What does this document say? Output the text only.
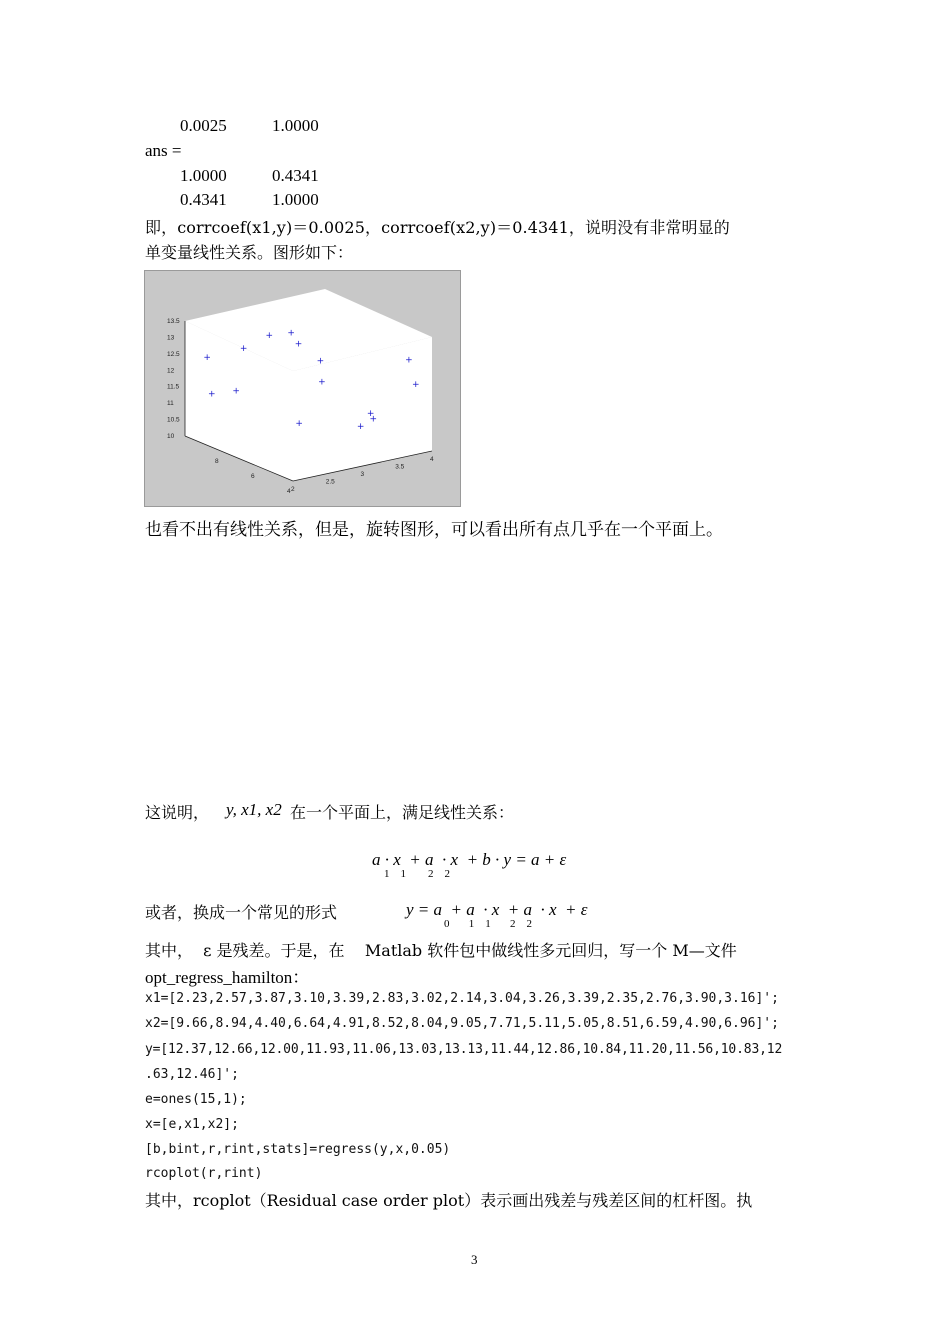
0.0025	1.0000
ans =
1.0000	0.4341
0.4341	1.0000
即，corrcoef(x1,y)＝0.0025，corrcoef(x2,y)＝0.4341，说明没有非常明显的
单变量线性关系。图形如下：
13.5
13
12.5
12
11.5
11
10.5
10
8
6
4 2
2.5
3
3.5
4
+
+
+
+
+
+ +
+
+
+
+
+
+
+
+
也看不出有线性关系，但是，旋转图形，可以看出所有点几乎在一个平面上。
这说明， y, x1, x2 在一个平面上，满足线性关系：
a · x  + a  · x  + b · y = a + ε
1    1        2    2
或者，换成一个常见的形式	y = a  + a  · x  + a  · x  + ε
0       1    1       2    2
其中，  ε 是残差。于是，在    Matlab 软件包中做线性多元回归，写一个 M—文件
opt_regress_hamilton：
x1=[2.23,2.57,3.87,3.10,3.39,2.83,3.02,2.14,3.04,3.26,3.39,2.35,2.76,3.90,3.16]';
x2=[9.66,8.94,4.40,6.64,4.91,8.52,8.04,9.05,7.71,5.11,5.05,8.51,6.59,4.90,6.96]';
y=[12.37,12.66,12.00,11.93,11.06,13.03,13.13,11.44,12.86,10.84,11.20,11.56,10.83,12
.63,12.46]';
e=ones(15,1);
x=[e,x1,x2];
[b,bint,r,rint,stats]=regress(y,x,0.05)
rcoplot(r,rint)
其中，rcoplot（Residual case order plot）表示画出残差与残差区间的杠杆图。执
3
